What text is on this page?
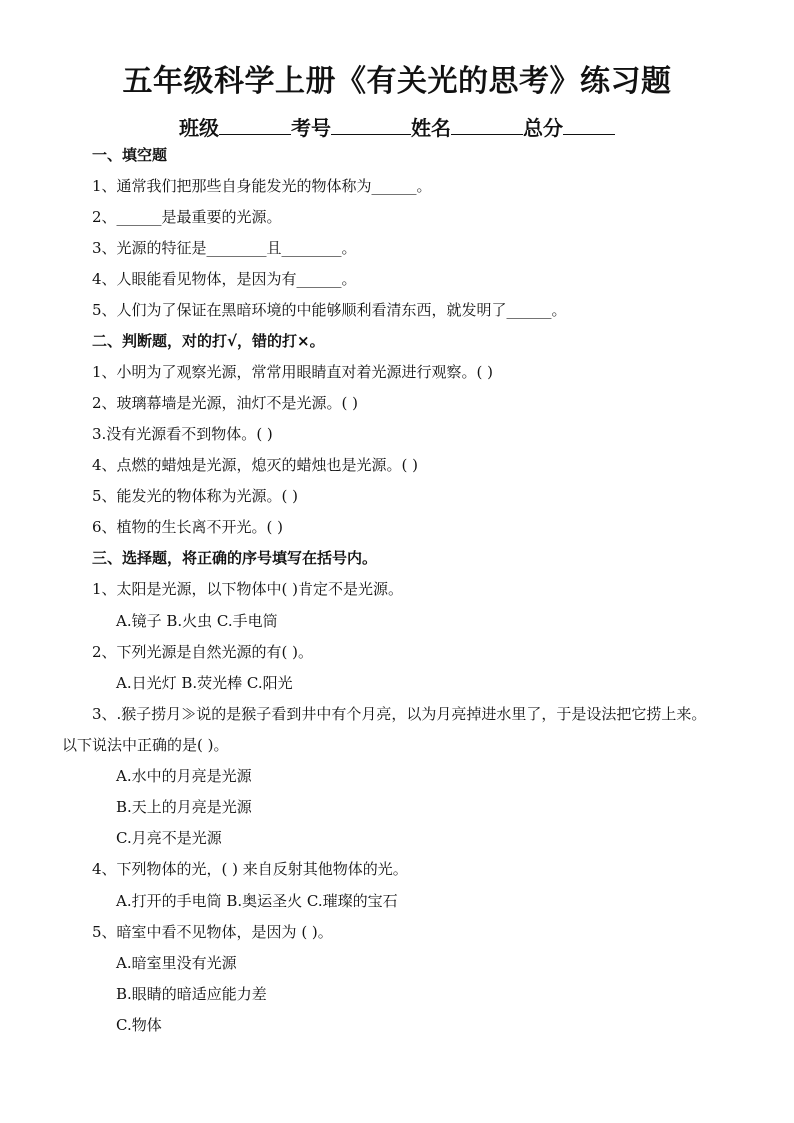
五年级科学上册《有关光的思考》练习题
班级	考号	姓名	总分
一、填空题
1、通常我们把那些自身能发光的物体称为______。
2、______是最重要的光源。
3、光源的特征是________且________。
4、人眼能看见物体，是因为有______。
5、人们为了保证在黑暗环境的中能够顺利看清东西，就发明了______。
二、判断题，对的打√，错的打×。
1、小明为了观察光源，常常用眼睛直对着光源进行观察。( )
2、玻璃幕墙是光源，油灯不是光源。( )
3.没有光源看不到物体。( )
4、点燃的蜡烛是光源，熄灭的蜡烛也是光源。( )
5、能发光的物体称为光源。( )
6、植物的生长离不开光。( )
三、选择题，将正确的序号填写在括号内。
1、太阳是光源，以下物体中( )肯定不是光源。
A.镜子 B.火虫 C.手电筒
2、下列光源是自然光源的有( )。
A.日光灯 B.荧光棒 C.阳光
3、.猴子捞月≫说的是猴子看到井中有个月亮，以为月亮掉进水里了，于是设法把它捞上来。
以下说法中正确的是( )。
A.水中的月亮是光源
B.天上的月亮是光源
C.月亮不是光源
4、下列物体的光，( ) 来自反射其他物体的光。
A.打开的手电筒 B.奥运圣火 C.璀璨的宝石
5、暗室中看不见物体，是因为 ( )。
A.暗室里没有光源
B.眼睛的暗适应能力差
C.物体
